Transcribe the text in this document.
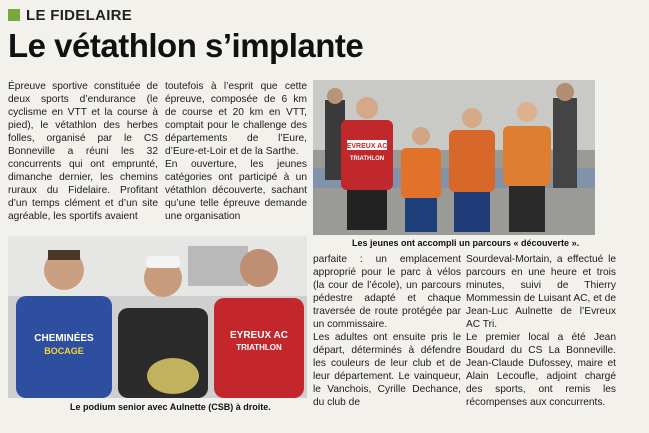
LE FIDELAIRE
Le vétathlon s’implante

Épreuve sportive constituée de deux sports d’endurance (le cyclisme en VTT et la course à pied), le vétathlon des herbes folles, organisé par le CS Bonneville a réuni les 32 concurrents qui ont emprunté, dimanche dernier, les chemins ruraux du Fidelaire. Profitant d’un temps clément et d’un site agréable, les sportifs avaient

toutefois à l’esprit que cette épreuve, composée de 6 km de course et 20 km en VTT, comptait pour le challenge des départements de l’Eure, d’Eure-et-Loir et de la Sarthe.

En ouverture, les jeunes catégories ont participé à un vétathlon découverte, sachant qu’une telle épreuve demande une organisation

EVREUX AC
TRIATHLON
Les jeunes ont accompli un parcours « découverte ».
CHEMINÉES
BOCAGE
EYREUX AC
TRIATHLON
Le podium senior avec Aulnette (CSB) à droite.

parfaite : un emplacement approprié pour le parc à vélos (la cour de l’école), un parcours pédestre adapté et chaque traversée de route protégée par un commissaire.

Les adultes ont ensuite pris le départ, déterminés à défendre les couleurs de leur club et de leur département. Le vainqueur, le Vanchois, Cyrille Dechance, du club de

Sourdeval-Mortain, a effectué le parcours en une heure et trois minutes, suivi de Thierry Mommessin de Luisant AC, et de Jean-Luc Aulnette de l’Evreux AC Tri.

Le premier local a été Jean Boudard du CS La Bonneville. Jean-Claude Dufossey, maire et Alain Lecoufle, adjoint chargé des sports, ont remis les récompenses aux concurrents.
